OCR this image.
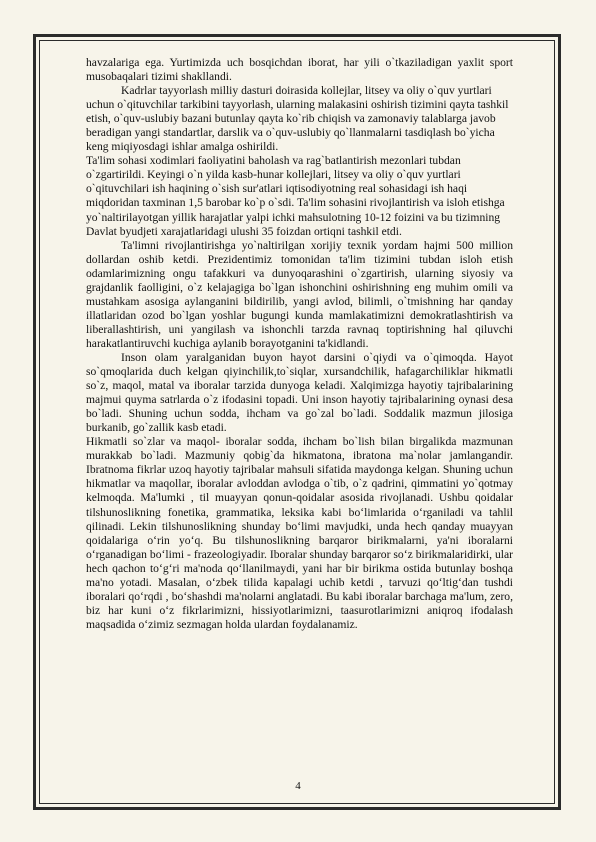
havzalariga ega. Yurtimizda uch bosqichdan iborat, har yili o`tkaziladigan yaxlit sport musobaqalari tizimi shakllandi.

Kadrlar tayyorlash milliy dasturi doirasida kollejlar, litsey va oliy o`quv yurtlari uchun o`qituvchilar tarkibini tayyorlash, ularning malakasini oshirish tizimini qayta tashkil etish, o`quv-uslubiy bazani butunlay qayta ko`rib chiqish va zamonaviy talablarga javob beradigan yangi standartlar, darslik va o`quv-uslubiy qo`llanmalarni tasdiqlash bo`yicha keng miqiyosdagi ishlar amalga oshirildi.

Ta'lim sohasi xodimlari faoliyatini baholash va rag`batlantirish mezonlari tubdan o`zgartirildi. Keyingi o`n yilda kasb-hunar kollejlari, litsey va oliy o`quv yurtlari o`qituvchilari ish haqining o`sish sur'atlari iqtisodiyotning real sohasidagi ish haqi miqdoridan taxminan 1,5 barobar ko`p o`sdi. Ta'lim sohasini rivojlantirish va isloh etishga yo`naltirilayotgan yillik harajatlar yalpi ichki mahsulotning 10-12 foizini va bu tizimning Davlat byudjeti xarajatlaridagi ulushi 35 foizdan ortiqni tashkil etdi.

Ta'limni rivojlantirishga yo`naltirilgan xorijiy texnik yordam hajmi 500 million dollardan oshib ketdi. Prezidentimiz tomonidan ta'lim tizimini tubdan isloh etish odamlarimizning ongu tafakkuri va dunyoqarashini o`zgartirish, ularning siyosiy va grajdanlik faolligini, o`z kelajagiga bo`lgan ishonchini oshirishning eng muhim omili va mustahkam asosiga aylanganini bildirilib, yangi avlod, bilimli, o`tmishning har qanday illatlaridan ozod bo`lgan yoshlar bugungi kunda mamlakatimizni demokratlashtirish va liberallashtirish, uni yangilash va ishonchli tarzda ravnaq toptirishning hal qiluvchi harakatlantiruvchi kuchiga aylanib borayotganini ta'kidlandi.

Inson olam yaralganidan buyon hayot darsini o`qiydi va o`qimoqda. Hayot so`qmoqlarida duch kelgan qiyinchilik,to`siqlar, xursandchilik, hafagarchiliklar hikmatli so`z, maqol, matal va iboralar tarzida dunyoga keladi. Xalqimizga hayotiy tajribalarining majmui quyma satrlarda o`z ifodasini topadi. Uni inson hayotiy tajribalarining oynasi desa bo`ladi. Shuning uchun sodda, ihcham va go`zal bo`ladi. Soddalik mazmun jilosiga burkanib, go`zallik kasb etadi.

Hikmatli so`zlar va maqol- iboralar sodda, ihcham bo`lish bilan birgalikda mazmunan murakkab bo`ladi. Mazmuniy qobig`da hikmatona, ibratona ma`nolar jamlangandir. Ibratnoma fikrlar uzoq hayotiy tajribalar mahsuli sifatida maydonga kelgan. Shuning uchun hikmatlar va maqollar, iboralar avloddan avlodga o`tib, o`z qadrini, qimmatini yo`qotmay kelmoqda. Ma'lumki , til muayyan qonun-qoidalar asosida rivojlanadi. Ushbu qoidalar tilshunoslikning fonetika, grammatika, leksika kabi bo‘limlarida o‘rganiladi va tahlil qilinadi. Lekin tilshunoslikning shunday bo‘limi mavjudki, unda hech qanday muayyan qoidalariga o‘rin yo‘q. Bu tilshunoslikning barqaror birikmalarni, ya'ni iboralarni o‘rganadigan bo‘limi - frazeologiyadir. Iboralar shunday barqaror so‘z birikmalaridirki, ular hech qachon to‘g‘ri ma'noda qo‘llanilmaydi, yani har bir birikma ostida butunlay boshqa ma'no yotadi. Masalan, o‘zbek tilida kapalagi uchib ketdi , tarvuzi qo‘ltig‘dan tushdi iboralari qo‘rqdi , bo‘shashdi ma'nolarni anglatadi. Bu kabi iboralar barchaga ma'lum, zero, biz har kuni o‘z fikrlarimizni, hissiyotlarimizni, taasurotlarimizni aniqroq ifodalash maqsadida o‘zimiz sezmagan holda ulardan foydalanamiz.

4
